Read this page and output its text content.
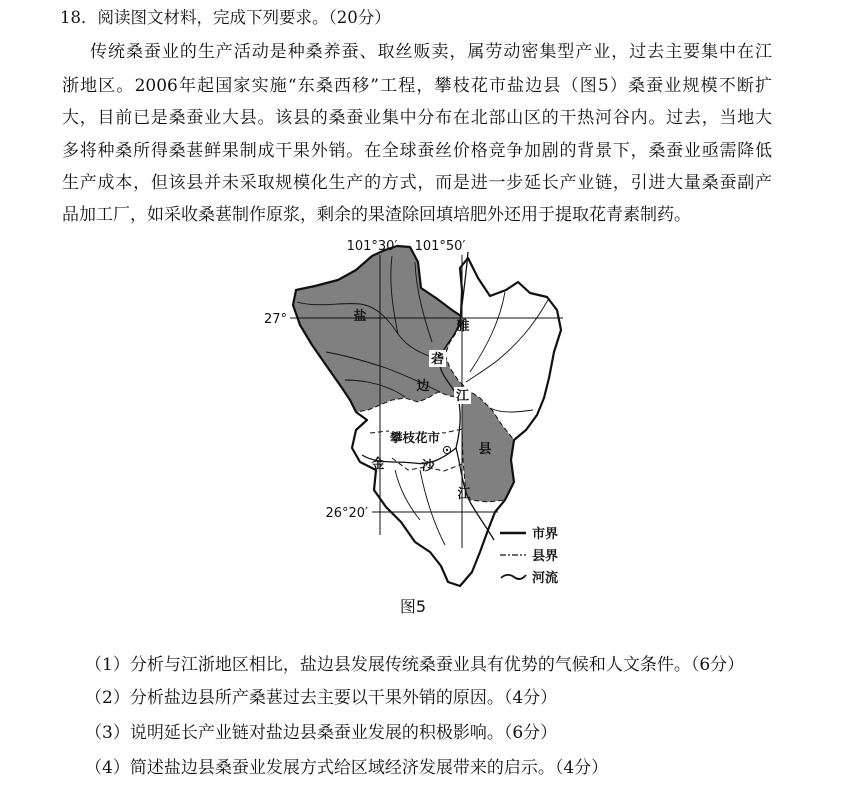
18．阅读图文材料，完成下列要求。（20分）
传统桑蚕业的生产活动是种桑养蚕、取丝贩卖，属劳动密集型产业，过去主要集中在江
浙地区。2006年起国家实施“东桑西移”工程，攀枝花市盐边县（图5）桑蚕业规模不断扩
大，目前已是桑蚕业大县。该县的桑蚕业集中分布在北部山区的干热河谷内。过去，当地大
多将种桑所得桑葚鲜果制成干果外销。在全球蚕丝价格竞争加剧的背景下，桑蚕业亟需降低
生产成本，但该县并未采取规模化生产的方式，而是进一步延长产业链，引进大量桑蚕副产
品加工厂，如采收桑葚制作原浆，剩余的果渣除回填培肥外还用于提取花青素制药。
101°30′ 101°50′
27°
26°20′
盐
雅
砻
边
江
攀枝花市
县
金	沙
江
市界
县界
河流
图5
（1）分析与江浙地区相比，盐边县发展传统桑蚕业具有优势的气候和人文条件。（6分）
（2）分析盐边县所产桑葚过去主要以干果外销的原因。（4分）
（3）说明延长产业链对盐边县桑蚕业发展的积极影响。（6分）
（4）简述盐边县桑蚕业发展方式给区域经济发展带来的启示。（4分）
